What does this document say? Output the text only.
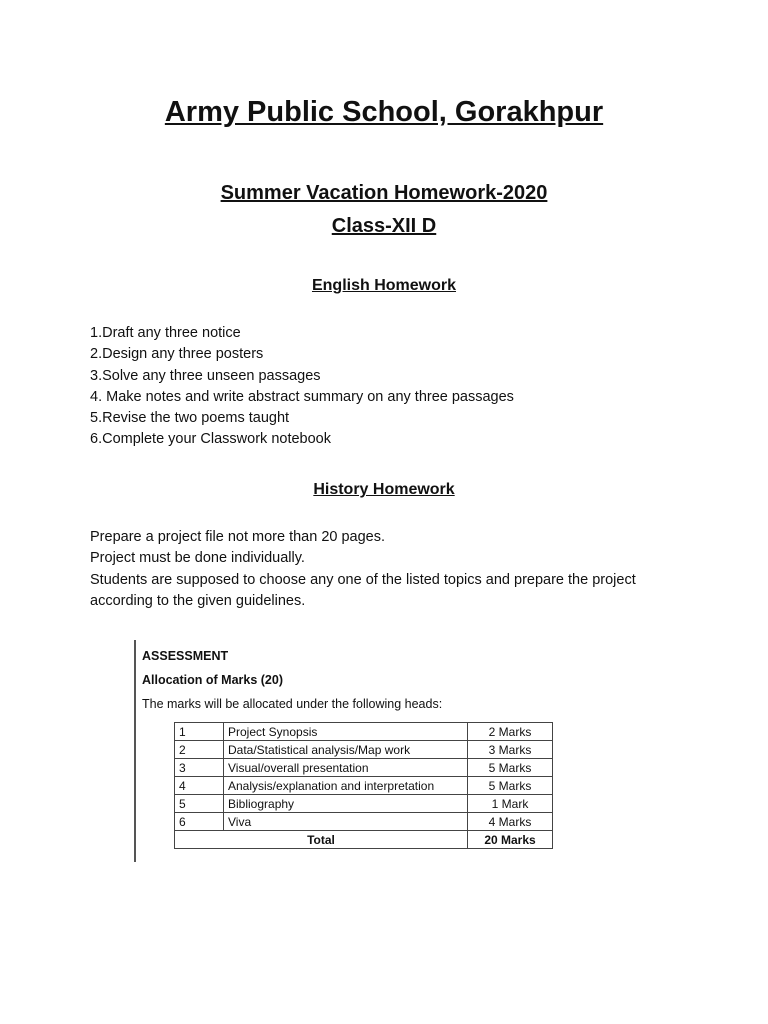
Army Public School, Gorakhpur
Summer Vacation Homework-2020
Class-XII D
English Homework
1.Draft any three notice
2.Design any three posters
3.Solve any three unseen passages
4. Make notes and write abstract summary on any three passages
5.Revise the two poems taught
6.Complete your Classwork notebook
History Homework
Prepare a project file not more than 20 pages.
Project must be done individually.
Students are supposed to choose any one of the listed topics and prepare the project
according to the given guidelines.
ASSESSMENT
Allocation of Marks (20)
The marks will be allocated under the following heads:
1	Project Synopsis	2 Marks
2	Data/Statistical analysis/Map work	3 Marks
3	Visual/overall presentation	5 Marks
4	Analysis/explanation and interpretation	5 Marks
5	Bibliography	1 Mark
6	Viva	4 Marks
Total		20 Marks
